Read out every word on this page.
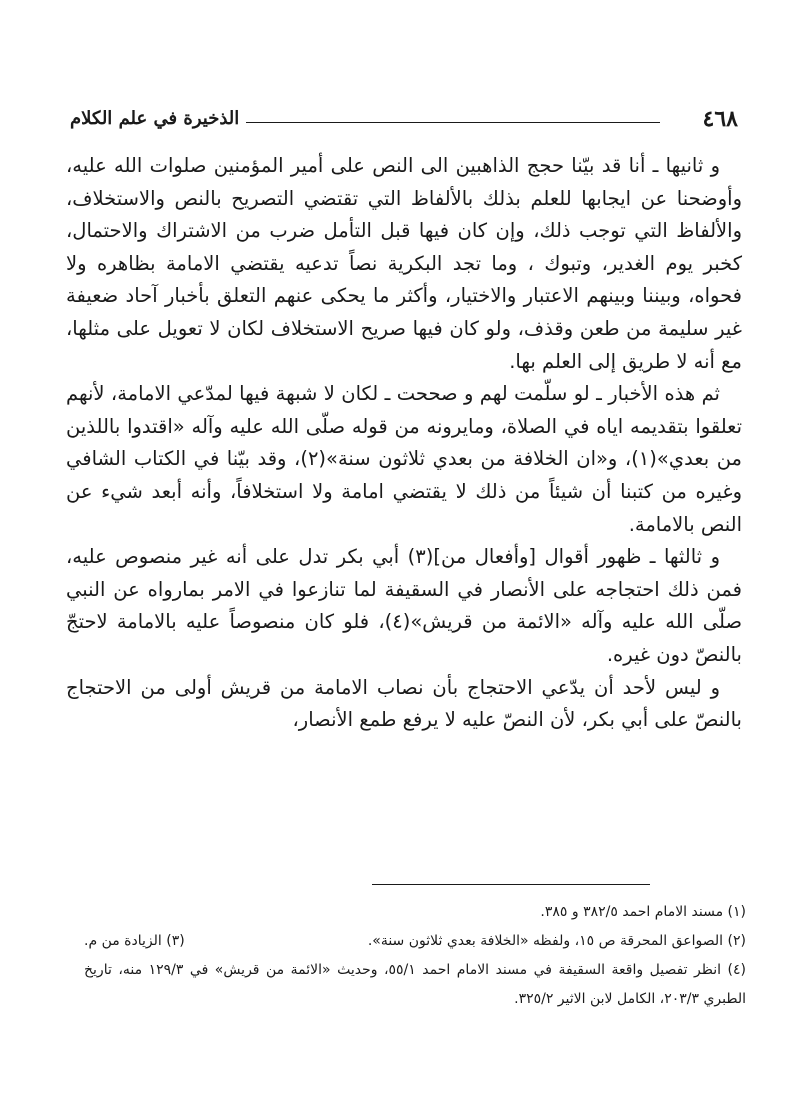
٤٦٨
الذخيرة في علم الكلام

و ثانيها ـ أنا قد بيّنا حجج الذاهبين الى النص على أمير المؤمنين صلوات الله عليه، وأوضحنا عن ايجابها للعلم بذلك بالألفاظ التي تقتضي التصريح بالنص والاستخلاف، والألفاظ التي توجب ذلك، وإن كان فيها قبل التأمل ضرب من الاشتراك والاحتمال، كخبر يوم الغدير، وتبوك ، وما تجد البكرية نصاً تدعيه يقتضي الامامة بظاهره ولا فحواه، وبيننا وبينهم الاعتبار والاختيار، وأكثر ما يحكى عنهم التعلق بأخبار آحاد ضعيفة غير سليمة من طعن وقذف، ولو كان فيها صريح الاستخلاف لكان لا تعويل على مثلها، مع أنه لا طريق إلى العلم بها.

ثم هذه الأخبار ـ لو سلّمت لهم و صححت ـ لكان لا شبهة فيها لمدّعي الامامة، لأنهم تعلقوا بتقديمه اياه في الصلاة، ومايرونه من قوله صلّى الله عليه وآله «اقتدوا باللذين من بعدي»(١)، و«ان الخلافة من بعدي ثلاثون سنة»(٢)، وقد بيّنا في الكتاب الشافي وغيره من كتبنا أن شيئاً من ذلك لا يقتضي امامة ولا استخلافاً، وأنه أبعد شيء عن النص بالامامة.

و ثالثها ـ ظهور أقوال [وأفعال من](٣) أبي بكر تدل على أنه غير منصوص عليه، فمن ذلك احتجاجه على الأنصار في السقيفة لما تنازعوا في الامر بمارواه عن النبي صلّى الله عليه وآله «الائمة من قريش»(٤)، فلو كان منصوصاً عليه بالامامة لاحتجّ بالنصّ دون غيره.

و ليس لأحد أن يدّعي الاحتجاج بأن نصاب الامامة من قريش أولى من الاحتجاج بالنصّ على أبي بكر، لأن النصّ عليه لا يرفع طمع الأنصار،

(١) مسند الامام احمد ٣٨٢/٥ و ٣٨٥.
(٢) الصواعق المحرقة ص ١٥، ولفظه «الخلافة بعدي ثلاثون سنة».
(٣) الزيادة من م.
(٤) انظر تفصيل واقعة السقيفة في مسند الامام احمد ٥٥/١، وحديث «الائمة من قريش» في ١٢٩/٣ منه، تاريخ الطبري ٢٠٣/٣، الكامل لابن الاثير ٣٢٥/٢.
